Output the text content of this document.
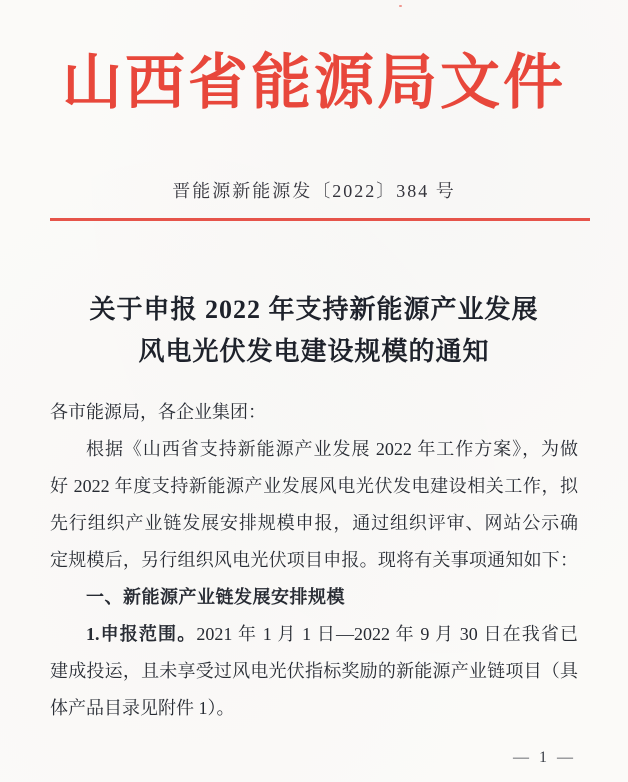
山西省能源局文件
晋能源新能源发〔2022〕384 号
关于申报 2022 年支持新能源产业发展
风电光伏发电建设规模的通知
各市能源局，各企业集团：
根据《山西省支持新能源产业发展 2022 年工作方案》，为做
好 2022 年度支持新能源产业发展风电光伏发电建设相关工作，拟
先行组织产业链发展安排规模申报，通过组织评审、网站公示确
定规模后，另行组织风电光伏项目申报。现将有关事项通知如下：
一、新能源产业链发展安排规模
1.申报范围。2021 年 1 月 1 日—2022 年 9 月 30 日在我省已
建成投运，且未享受过风电光伏指标奖励的新能源产业链项目（具
体产品目录见附件 1）。
— 1 —
